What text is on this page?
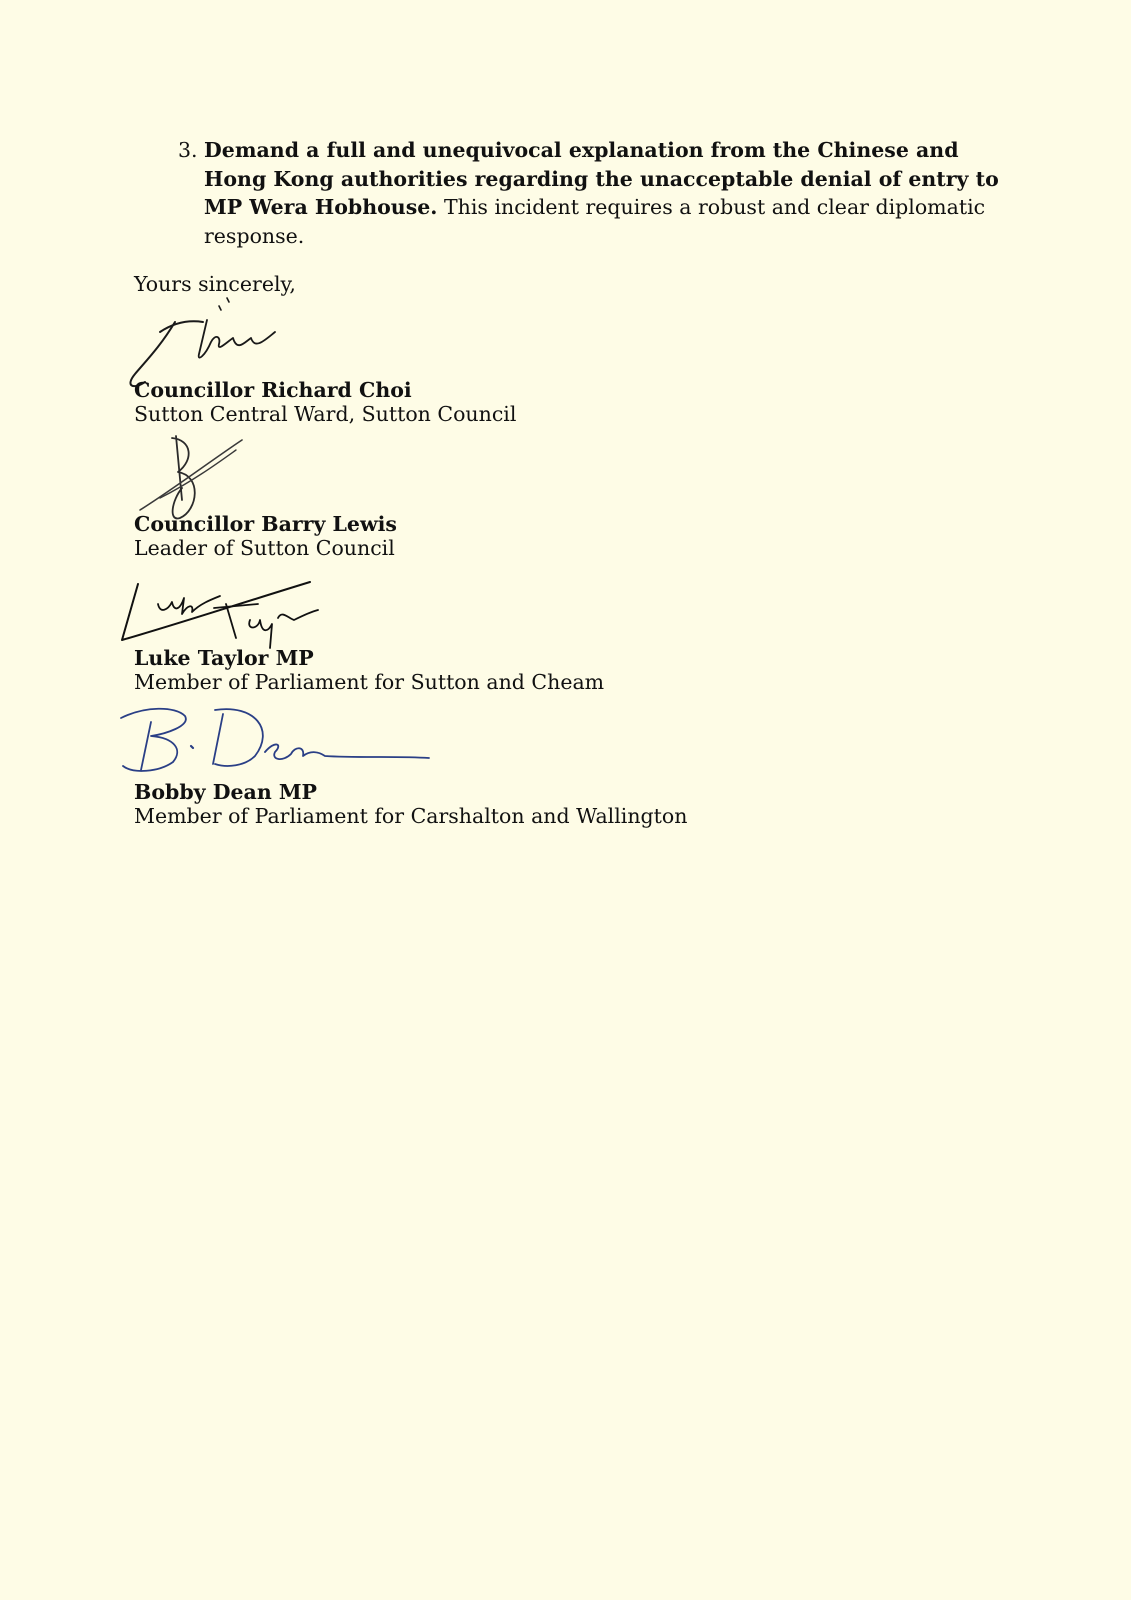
3. Demand a full and unequivocal explanation from the Chinese and Hong Kong authorities regarding the unacceptable denial of entry to MP Wera Hobhouse. This incident requires a robust and clear diplomatic response.
Yours sincerely,
Councillor Richard Choi
Sutton Central Ward, Sutton Council
Councillor Barry Lewis
Leader of Sutton Council
Luke Taylor MP
Member of Parliament for Sutton and Cheam
Bobby Dean MP
Member of Parliament for Carshalton and Wallington
